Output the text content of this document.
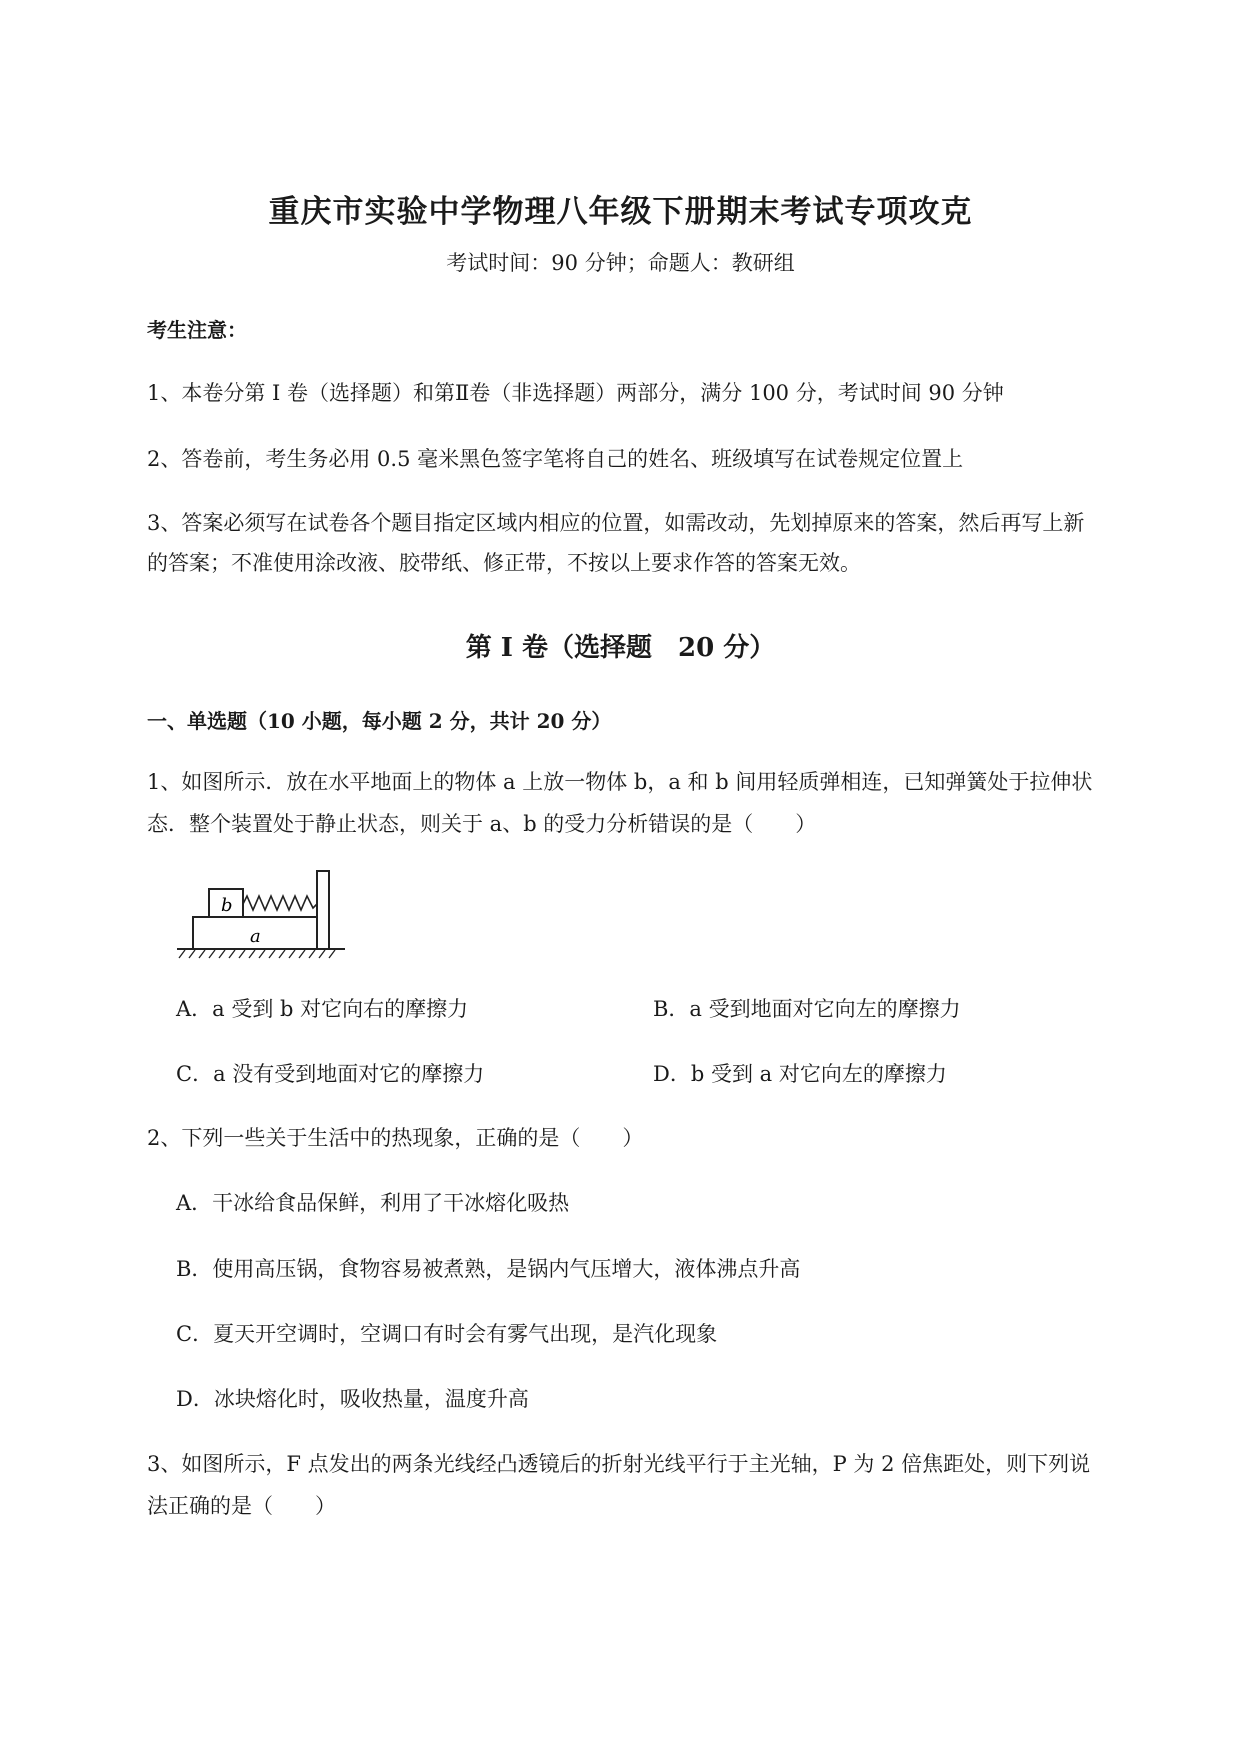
重庆市实验中学物理八年级下册期末考试专项攻克
考试时间：90 分钟；命题人：教研组
考生注意：
1、本卷分第 I 卷（选择题）和第Ⅱ卷（非选择题）两部分，满分 100 分，考试时间 90 分钟
2、答卷前，考生务必用 0.5 毫米黑色签字笔将自己的姓名、班级填写在试卷规定位置上
3、答案必须写在试卷各个题目指定区域内相应的位置，如需改动，先划掉原来的答案，然后再写上新
的答案；不准使用涂改液、胶带纸、修正带，不按以上要求作答的答案无效。
第 I 卷（选择题　20 分）
一、单选题（10 小题，每小题 2 分，共计 20 分）
1、如图所示．放在水平地面上的物体 a 上放一物体 b，a 和 b 间用轻质弹相连，已知弹簧处于拉伸状
态．整个装置处于静止状态，则关于 a、b 的受力分析错误的是（　　）
b
a
A．a 受到 b 对它向右的摩擦力	B．a 受到地面对它向左的摩擦力
C．a 没有受到地面对它的摩擦力	D．b 受到 a 对它向左的摩擦力
2、下列一些关于生活中的热现象，正确的是（　　）
A．干冰给食品保鲜，利用了干冰熔化吸热
B．使用高压锅，食物容易被煮熟，是锅内气压增大，液体沸点升高
C．夏天开空调时，空调口有时会有雾气出现，是汽化现象
D．冰块熔化时，吸收热量，温度升高
3、如图所示，F 点发出的两条光线经凸透镜后的折射光线平行于主光轴，P 为 2 倍焦距处，则下列说
法正确的是（　　）
